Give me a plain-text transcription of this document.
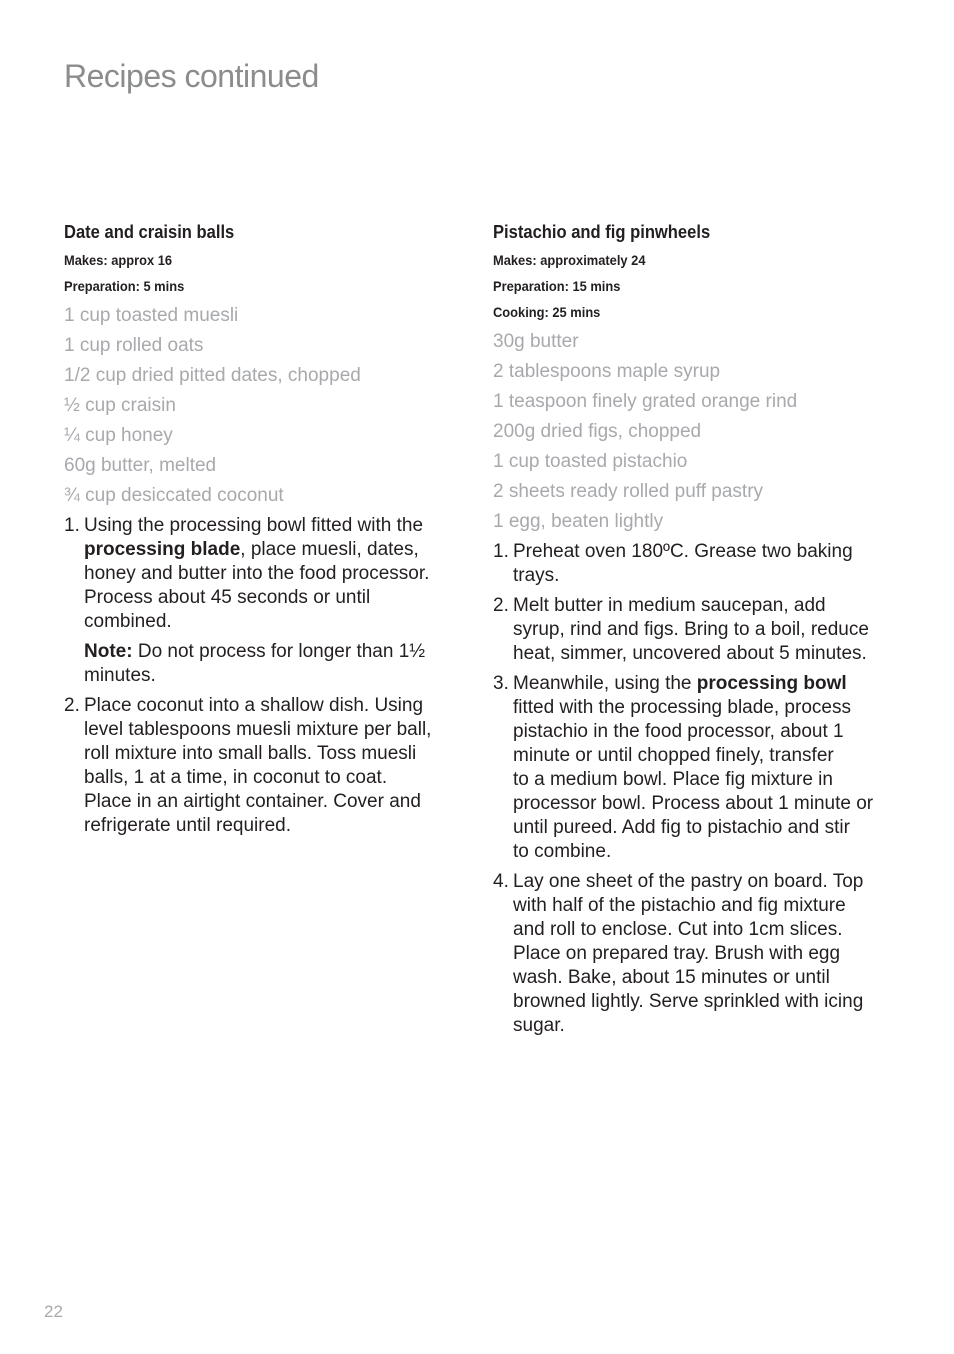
Recipes continued
Date and craisin balls

Makes: approx 16

Preparation: 5 mins

1 cup toasted muesli
1 cup rolled oats
1/2 cup dried pitted dates, chopped
½ cup craisin
¼ cup honey
60g butter, melted
¾ cup desiccated coconut
1. Using the processing bowl fitted with the
processing blade, place muesli, dates,
honey and butter into the food processor.
Process about 45 seconds or until
combined.
Note: Do not process for longer than 1½
minutes.
2. Place coconut into a shallow dish. Using
level tablespoons muesli mixture per ball,
roll mixture into small balls. Toss muesli
balls, 1 at a time, in coconut to coat.
Place in an airtight container. Cover and
refrigerate until required.
Pistachio and fig pinwheels

Makes: approximately 24

Preparation: 15 mins

Cooking: 25 mins

30g butter
2 tablespoons maple syrup
1 teaspoon finely grated orange rind
200g dried figs, chopped
1 cup toasted pistachio
2 sheets ready rolled puff pastry
1 egg, beaten lightly
1. Preheat oven 180ºC. Grease two baking
trays.
2. Melt butter in medium saucepan, add
syrup, rind and figs. Bring to a boil, reduce
heat, simmer, uncovered about 5 minutes.
3. Meanwhile, using the processing bowl
fitted with the processing blade, process
pistachio in the food processor, about 1
minute or until chopped finely, transfer
to a medium bowl. Place fig mixture in
processor bowl. Process about 1 minute or
until pureed. Add fig to pistachio and stir
to combine.
4. Lay one sheet of the pastry on board. Top
with half of the pistachio and fig mixture
and roll to enclose. Cut into 1cm slices.
Place on prepared tray. Brush with egg
wash. Bake, about 15 minutes or until
browned lightly. Serve sprinkled with icing
sugar.
22
